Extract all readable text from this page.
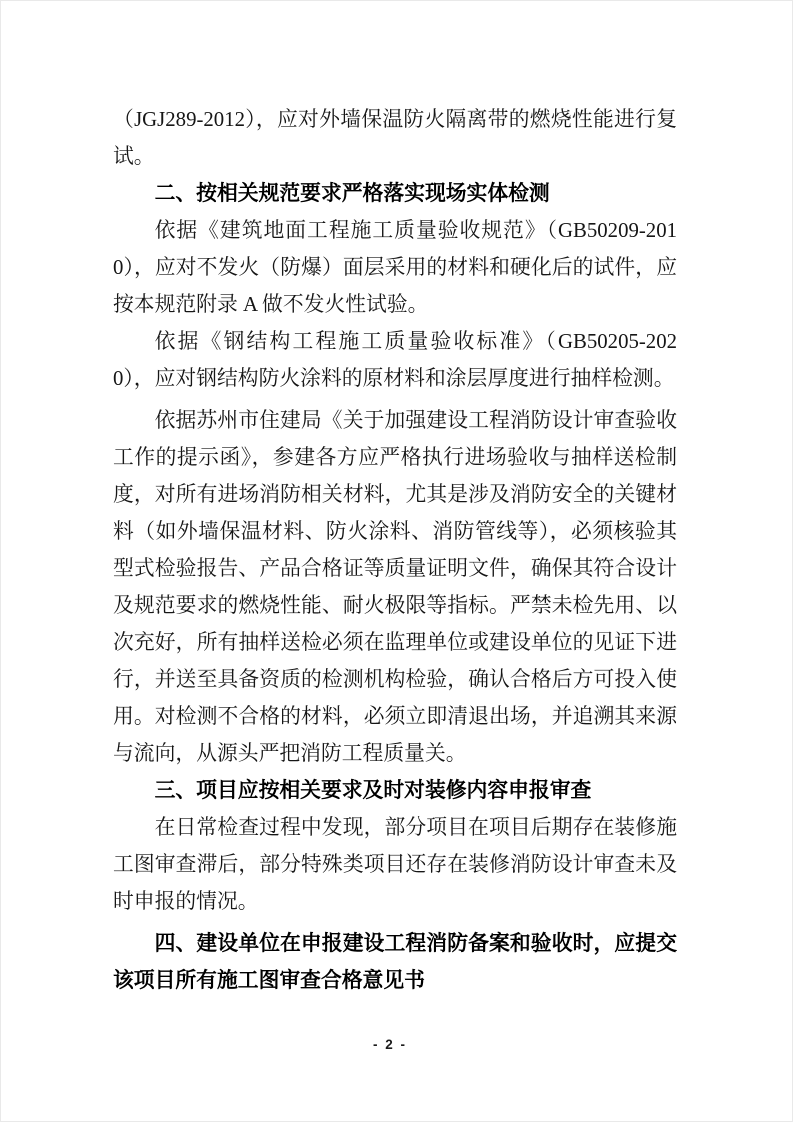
（JGJ289-2012），应对外墙保温防火隔离带的燃烧性能进行复试。

二、按相关规范要求严格落实现场实体检测

依据《建筑地面工程施工质量验收规范》（GB50209-2010），应对不发火（防爆）面层采用的材料和硬化后的试件，应按本规范附录 A 做不发火性试验。

依据《钢结构工程施工质量验收标准》（GB50205-2020），应对钢结构防火涂料的原材料和涂层厚度进行抽样检测。

依据苏州市住建局《关于加强建设工程消防设计审查验收工作的提示函》，参建各方应严格执行进场验收与抽样送检制度，对所有进场消防相关材料，尤其是涉及消防安全的关键材料（如外墙保温材料、防火涂料、消防管线等），必须核验其型式检验报告、产品合格证等质量证明文件，确保其符合设计及规范要求的燃烧性能、耐火极限等指标。严禁未检先用、以次充好，所有抽样送检必须在监理单位或建设单位的见证下进行，并送至具备资质的检测机构检验，确认合格后方可投入使用。对检测不合格的材料，必须立即清退出场，并追溯其来源与流向，从源头严把消防工程质量关。

三、项目应按相关要求及时对装修内容申报审查

在日常检查过程中发现，部分项目在项目后期存在装修施工图审查滞后，部分特殊类项目还存在装修消防设计审查未及时申报的情况。

四、建设单位在申报建设工程消防备案和验收时，应提交该项目所有施工图审查合格意见书

- 2 -
